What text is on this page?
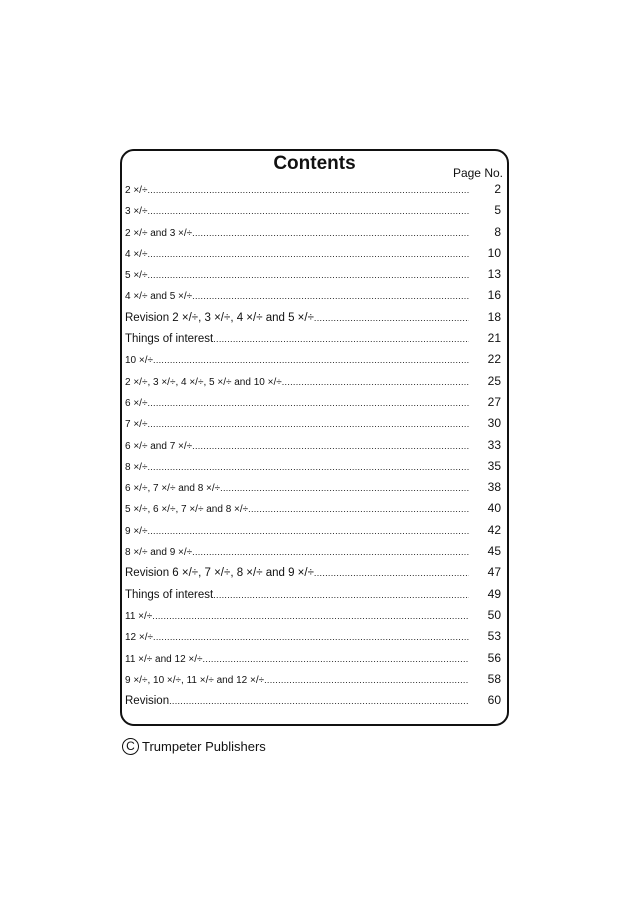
Contents	Page No.
2 ×/÷ .....	2
3 ×/÷ .....	5
2 ×/÷ and 3 ×/÷ .....	8
4 ×/÷ .....	10
5 ×/÷ .....	13
4 ×/÷ and 5 ×/÷ .....	16
Revision 2 ×/÷, 3 ×/÷, 4 ×/÷ and 5 ×/÷ .....	18
Things of interest .....	21
10 ×/÷ .....	22
2 ×/÷, 3 ×/÷, 4 ×/÷, 5 ×/÷ and 10 ×/÷ .....	25
6 ×/÷ .....	27
7 ×/÷ .....	30
6 ×/÷ and 7 ×/÷ .....	33
8 ×/÷ .....	35
6 ×/÷, 7 ×/÷ and 8 ×/÷ .....	38
5 ×/÷, 6 ×/÷, 7 ×/÷ and 8 ×/÷ .....	40
9 ×/÷ .....	42
8 ×/÷ and 9 ×/÷ .....	45
Revision 6 ×/÷, 7 ×/÷, 8 ×/÷ and 9 ×/÷ .....	47
Things of interest .....	49
11 ×/÷ .....	50
12 ×/÷ .....	53
11 ×/÷ and 12 ×/÷ .....	56
9 ×/÷, 10 ×/÷, 11 ×/÷ and 12 ×/÷ .....	58
Revision .....	60
C Trumpeter Publishers
